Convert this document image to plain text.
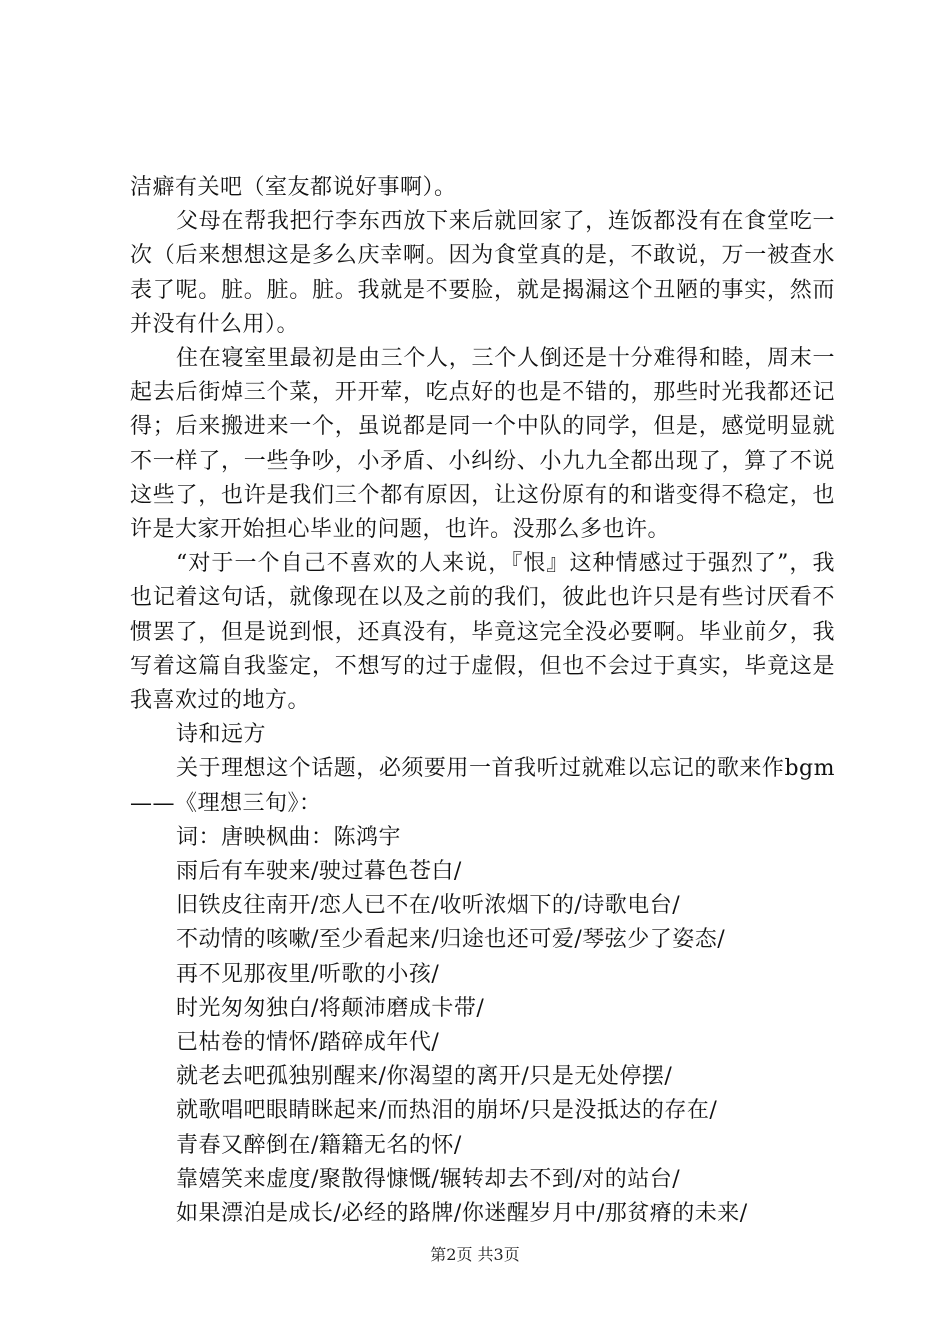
洁癖有关吧（室友都说好事啊）。

父母在帮我把行李东西放下来后就回家了，连饭都没有在食堂吃一次（后来想想这是多么庆幸啊。因为食堂真的是，不敢说，万一被查水表了呢。脏。脏。脏。我就是不要脸，就是揭漏这个丑陋的事实，然而并没有什么用）。

住在寝室里最初是由三个人，三个人倒还是十分难得和睦，周末一起去后街焯三个菜，开开荤，吃点好的也是不错的，那些时光我都还记得；后来搬进来一个，虽说都是同一个中队的同学，但是，感觉明显就不一样了，一些争吵，小矛盾、小纠纷、小九九全都出现了，算了不说这些了，也许是我们三个都有原因，让这份原有的和谐变得不稳定，也许是大家开始担心毕业的问题，也许。没那么多也许。

“对于一个自己不喜欢的人来说，『恨』这种情感过于强烈了”，我也记着这句话，就像现在以及之前的我们，彼此也许只是有些讨厌看不惯罢了，但是说到恨，还真没有，毕竟这完全没必要啊。毕业前夕，我写着这篇自我鉴定，不想写的过于虚假，但也不会过于真实，毕竟这是我喜欢过的地方。

诗和远方

关于理想这个话题，必须要用一首我听过就难以忘记的歌来作bgm——《理想三旬》：

词：唐映枫曲：陈鸿宇

雨后有车驶来/驶过暮色苍白/

旧铁皮往南开/恋人已不在/收听浓烟下的/诗歌电台/

不动情的咳嗽/至少看起来/归途也还可爱/琴弦少了姿态/

再不见那夜里/听歌的小孩/

时光匆匆独白/将颠沛磨成卡带/

已枯卷的情怀/踏碎成年代/

就老去吧孤独别醒来/你渴望的离开/只是无处停摆/

就歌唱吧眼睛眯起来/而热泪的崩坏/只是没抵达的存在/

青春又醉倒在/籍籍无名的怀/

靠嬉笑来虚度/聚散得慷慨/辗转却去不到/对的站台/

如果漂泊是成长/必经的路牌/你迷醒岁月中/那贫瘠的未来/

第2页 共3页
